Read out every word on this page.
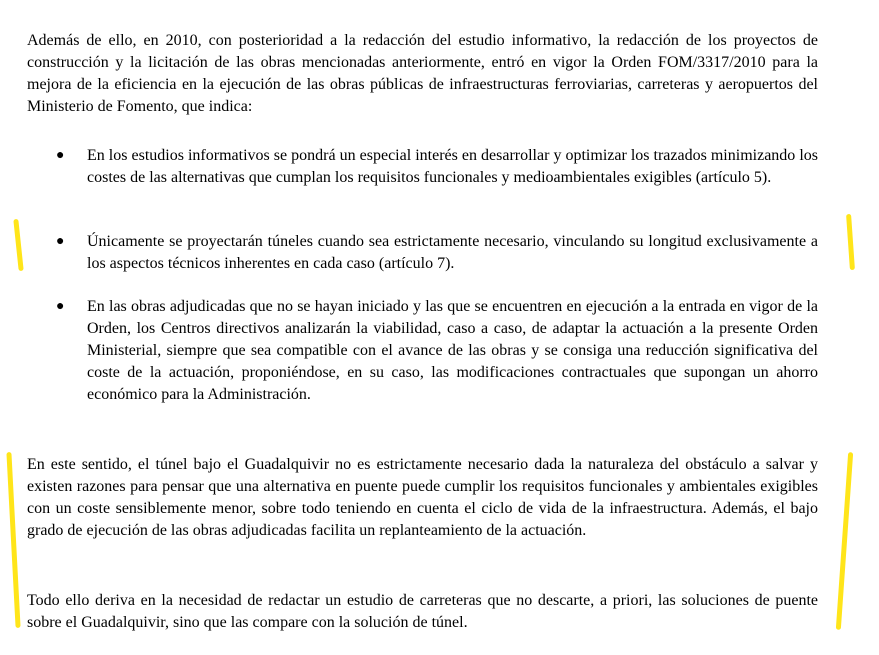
Además de ello, en 2010, con posterioridad a la redacción del estudio informativo, la redacción de los proyectos de construcción y la licitación de las obras mencionadas anteriormente, entró en vigor la Orden FOM/3317/2010 para la mejora de la eficiencia en la ejecución de las obras públicas de infraestructuras ferroviarias, carreteras y aeropuertos del Ministerio de Fomento, que indica:

●	En los estudios informativos se pondrá un especial interés en desarrollar y optimizar los trazados minimizando los costes de las alternativas que cumplan los requisitos funcionales y medioambientales exigibles (artículo 5).

●	Únicamente se proyectarán túneles cuando sea estrictamente necesario, vinculando su longitud exclusivamente a los aspectos técnicos inherentes en cada caso (artículo 7).

●	En las obras adjudicadas que no se hayan iniciado y las que se encuentren en ejecución a la entrada en vigor de la Orden, los Centros directivos analizarán la viabilidad, caso a caso, de adaptar la actuación a la presente Orden Ministerial, siempre que sea compatible con el avance de las obras y se consiga una reducción significativa del coste de la actuación, proponiéndose, en su caso, las modificaciones contractuales que supongan un ahorro económico para la Administración.

En este sentido, el túnel bajo el Guadalquivir no es estrictamente necesario dada la naturaleza del obstáculo a salvar y existen razones para pensar que una alternativa en puente puede cumplir los requisitos funcionales y ambientales exigibles con un coste sensiblemente menor, sobre todo teniendo en cuenta el ciclo de vida de la infraestructura. Además, el bajo grado de ejecución de las obras adjudicadas facilita un replanteamiento de la actuación.

Todo ello deriva en la necesidad de redactar un estudio de carreteras que no descarte, a priori, las soluciones de puente sobre el Guadalquivir, sino que las compare con la solución de túnel.
